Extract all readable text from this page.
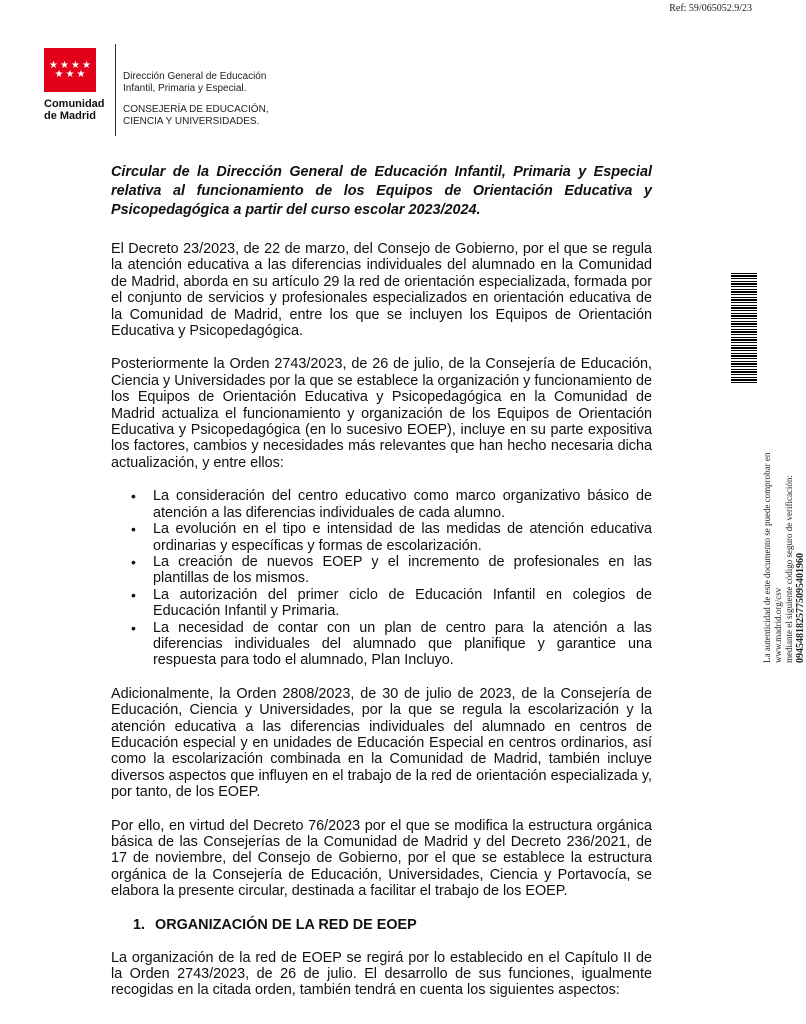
Ref: 59/065052.9/23
★ ★ ★ ★
★ ★ ★
Comunidad
de Madrid
Dirección General de Educación
Infantil, Primaria y Especial.
CONSEJERÍA DE EDUCACIÓN,
CIENCIA Y UNIVERSIDADES.
La autenticidad de este documento se puede comprobar en www.madrid.org/csv mediante el siguiente código seguro de verificación: 0945481825775095401960
Circular de la Dirección General de Educación Infantil, Primaria y Especial relativa al funcionamiento de los Equipos de Orientación Educativa y Psicopedagógica a partir del curso escolar 2023/2024.

El Decreto 23/2023, de 22 de marzo, del Consejo de Gobierno, por el que se regula la atención educativa a las diferencias individuales del alumnado en la Comunidad de Madrid, aborda en su artículo 29 la red de orientación especializada, formada por el conjunto de servicios y profesionales especializados en orientación educativa de la Comunidad de Madrid, entre los que se incluyen los Equipos de Orientación Educativa y Psicopedagógica.

Posteriormente la Orden 2743/2023, de 26 de julio, de la Consejería de Educación, Ciencia y Universidades por la que se establece la organización y funcionamiento de los Equipos de Orientación Educativa y Psicopedagógica en la Comunidad de Madrid actualiza el funcionamiento y organización de los Equipos de Orientación Educativa y Psicopedagógica (en lo sucesivo EOEP), incluye en su parte expositiva los factores, cambios y necesidades más relevantes que han hecho necesaria dicha actualización, y entre ellos:

• La consideración del centro educativo como marco organizativo básico de atención a las diferencias individuales de cada alumno.
• La evolución en el tipo e intensidad de las medidas de atención educativa ordinarias y específicas y formas de escolarización.
• La creación de nuevos EOEP y el incremento de profesionales en las plantillas de los mismos.
• La autorización del primer ciclo de Educación Infantil en colegios de Educación Infantil y Primaria.
• La necesidad de contar con un plan de centro para la atención a las diferencias individuales del alumnado que planifique y garantice una respuesta para todo el alumnado, Plan Incluyo.

Adicionalmente, la Orden 2808/2023, de 30 de julio de 2023, de la Consejería de Educación, Ciencia y Universidades, por la que se regula la escolarización y la atención educativa a las diferencias individuales del alumnado en centros de Educación especial y en unidades de Educación Especial en centros ordinarios, así como la escolarización combinada en la Comunidad de Madrid, también incluye diversos aspectos que influyen en el trabajo de la red de orientación especializada y, por tanto, de los EOEP.

Por ello, en virtud del Decreto 76/2023 por el que se modifica la estructura orgánica básica de las Consejerías de la Comunidad de Madrid y del Decreto 236/2021, de 17 de noviembre, del Consejo de Gobierno, por el que se establece la estructura orgánica de la Consejería de Educación, Universidades, Ciencia y Portavocía, se elabora la presente circular, destinada a facilitar el trabajo de los EOEP.

1. ORGANIZACIÓN DE LA RED DE EOEP

La organización de la red de EOEP se regirá por lo establecido en el Capítulo II de la Orden 2743/2023, de 26 de julio. El desarrollo de sus funciones, igualmente recogidas en la citada orden, también tendrá en cuenta los siguientes aspectos:
